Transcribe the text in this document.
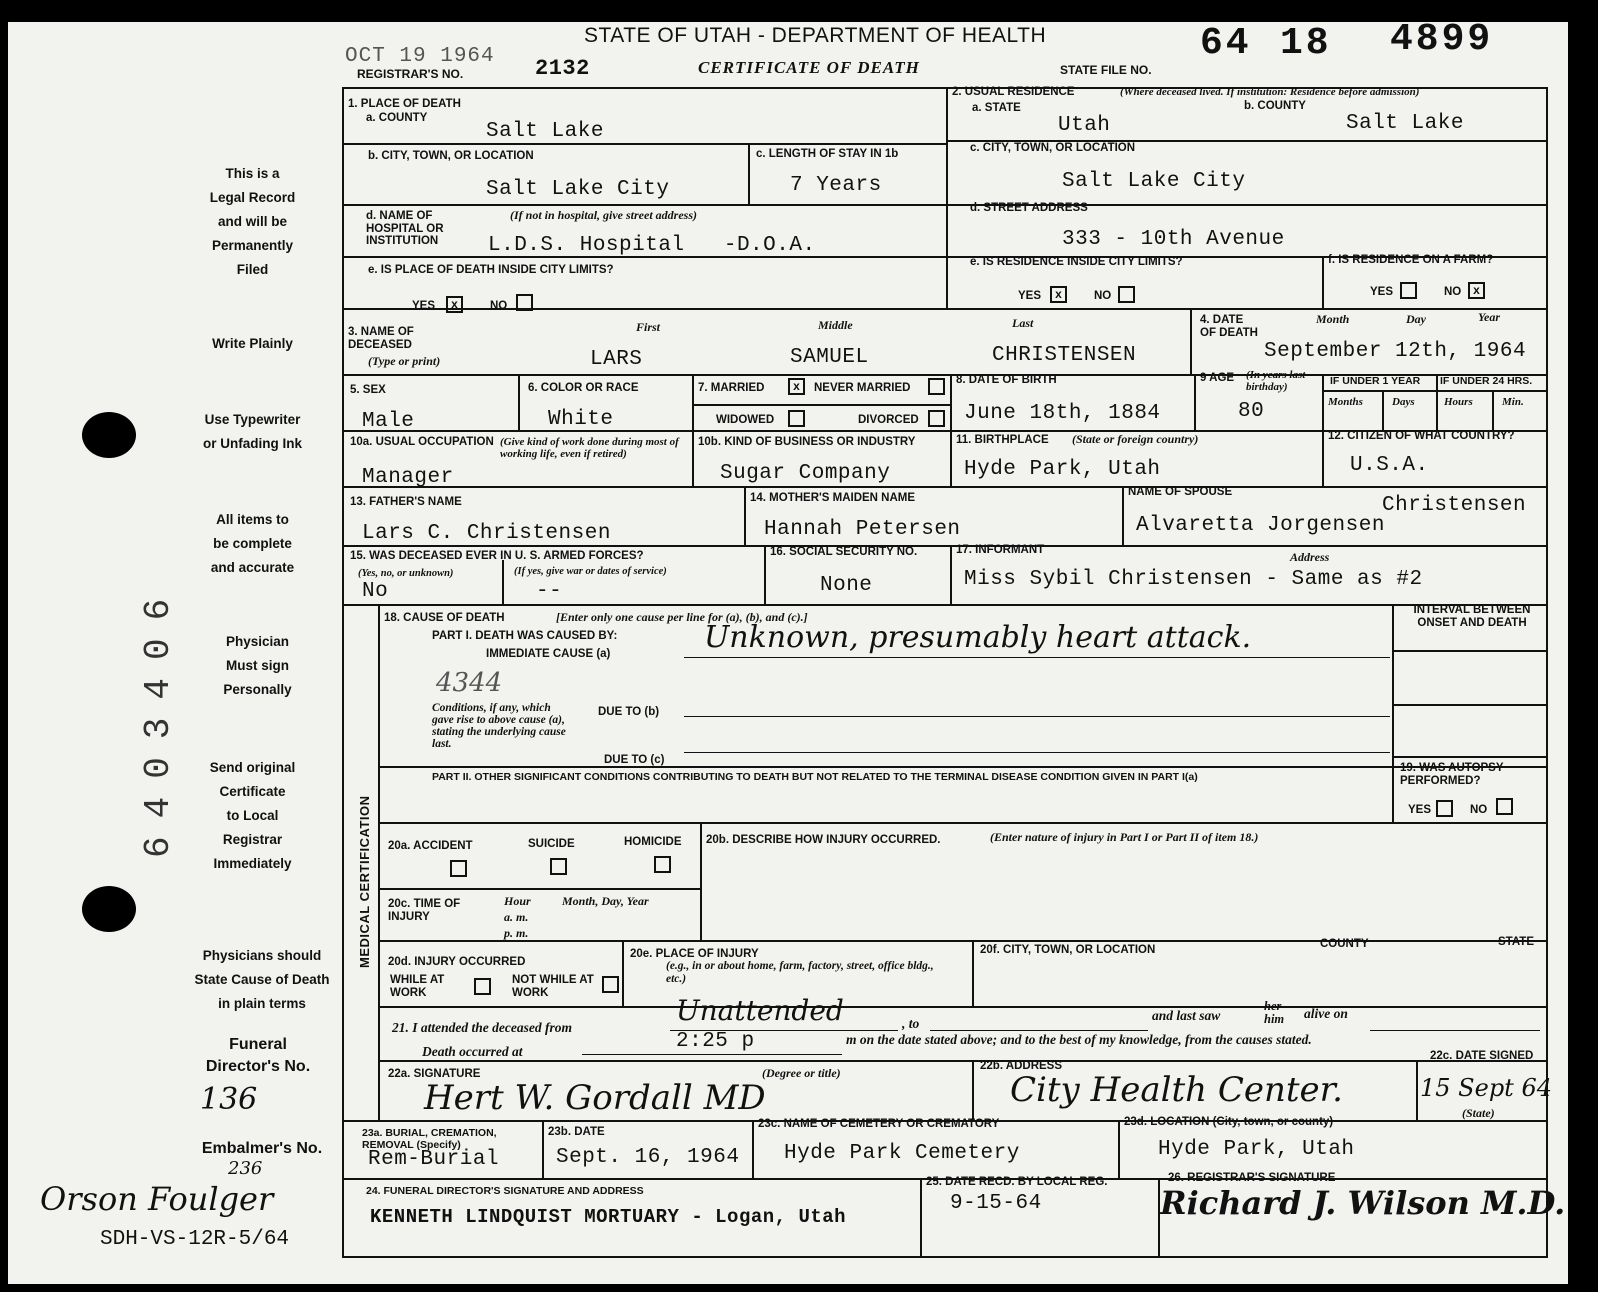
OCT 19 1964
STATE OF UTAH - DEPARTMENT OF HEALTH
REGISTRAR'S NO.	2132	CERTIFICATE OF DEATH	STATE FILE NO.
64 18 4899
This is a
Legal Record
and will be
Permanently
Filed
Write Plainly
Use Typewriter
or Unfading Ink
All items to
be complete
and accurate
Physician
Must sign
Personally
Send original
Certificate
to Local
Registrar
Immediately
Physicians should
State Cause of Death
in plain terms
Funeral
Director's No.
136
Embalmer's No.
236
Orson Foulger
SDH-VS-12R-5/64
6403406
1. PLACE OF DEATH
a. COUNTY
Salt Lake
b. CITY, TOWN, OR LOCATION
Salt Lake City
c. LENGTH OF STAY IN 1b
7 Years
d. NAME OF HOSPITAL OR INSTITUTION
(If not in hospital, give street address)
L.D.S. Hospital   -D.O.A.
e. IS PLACE OF DEATH INSIDE CITY LIMITS?
YES	x	NO
2. USUAL RESIDENCE	(Where deceased lived. If institution: Residence before admission)
a. STATE
Utah
b. COUNTY
Salt Lake
c. CITY, TOWN, OR LOCATION
Salt Lake City
d. STREET ADDRESS
333 - 10th Avenue
e. IS RESIDENCE INSIDE CITY LIMITS?
YES	x	NO
f. IS RESIDENCE ON A FARM?
YES	NO x
3. NAME OF DECEASED
(Type or print)
First	Middle	Last
LARS	SAMUEL	CHRISTENSEN
4. DATE OF DEATH
Month	Day	Year
September 12th, 1964
5. SEX
Male
6. COLOR OR RACE
White
7. MARRIED	x	NEVER MARRIED
WIDOWED	DIVORCED
8. DATE OF BIRTH
June 18th, 1884
9 AGE (In years last birthday)
80
IF UNDER 1 YEAR IF UNDER 24 HRS.
Months	Days	Hours	Min.
10a. USUAL OCCUPATION (Give kind of work done during most of working life, even if retired)
Manager
10b. KIND OF BUSINESS OR INDUSTRY
Sugar Company
11. BIRTHPLACE (State or foreign country)
Hyde Park, Utah
12. CITIZEN OF WHAT COUNTRY?
U.S.A.
13. FATHER'S NAME
Lars C. Christensen
14. MOTHER'S MAIDEN NAME
Hannah Petersen
NAME OF SPOUSE
Christensen
Alvaretta Jorgensen
15. WAS DECEASED EVER IN U. S. ARMED FORCES?
(Yes, no, or unknown)	(If yes, give war or dates of service)
No	--
16. SOCIAL SECURITY NO.
None
17. INFORMANT	Address
Miss Sybil Christensen - Same as #2
MEDICAL CERTIFICATION
18. CAUSE OF DEATH	[Enter only one cause per line for (a), (b), and (c).]	INTERVAL BETWEEN ONSET AND DEATH
PART I. DEATH WAS CAUSED BY:
IMMEDIATE CAUSE (a)	Unknown, presumably heart attack.
4344
Conditions, if any, which gave rise to above cause (a), stating the underlying cause last.
DUE TO (b)
DUE TO (c)
PART II. OTHER SIGNIFICANT CONDITIONS CONTRIBUTING TO DEATH BUT NOT RELATED TO THE TERMINAL DISEASE CONDITION GIVEN IN PART I(a)
19. WAS AUTOPSY PERFORMED?
YES	NO
20a. ACCIDENT	SUICIDE	HOMICIDE 20b. DESCRIBE HOW INJURY OCCURRED.	(Enter nature of injury in Part I or Part II of item 18.)
20c. TIME OF INJURY
Hour
a. m.
p. m.
Month, Day, Year
20d. INJURY OCCURRED
WHILE AT WORK
NOT WHILE AT WORK
20e. PLACE OF INJURY
(e.g., in or about home, farm, factory, street, office bldg., etc.)
20f. CITY, TOWN, OR LOCATION	COUNTY	STATE
21. I attended the deceased from
Unattended	, to
and last saw
her him	alive on
Death occurred at	2:25 p	m on the date stated above; and to the best of my knowledge, from the causes stated.
22a. SIGNATURE	(Degree or title)
Hert W. Gordall MD
22b. ADDRESS
City Health Center.
22c. DATE SIGNED
15 Sept 64
(State)
23a. BURIAL, CREMATION, REMOVAL (Specify)
Rem-Burial
23b. DATE
Sept. 16, 1964
23c. NAME OF CEMETERY OR CREMATORY
Hyde Park Cemetery
23d. LOCATION (City, town, or county)
Hyde Park, Utah
24. FUNERAL DIRECTOR'S SIGNATURE AND ADDRESS
KENNETH LINDQUIST MORTUARY - Logan, Utah
25. DATE RECD. BY LOCAL REG.
9-15-64
26. REGISTRAR'S SIGNATURE
Richard J. Wilson M.D.
